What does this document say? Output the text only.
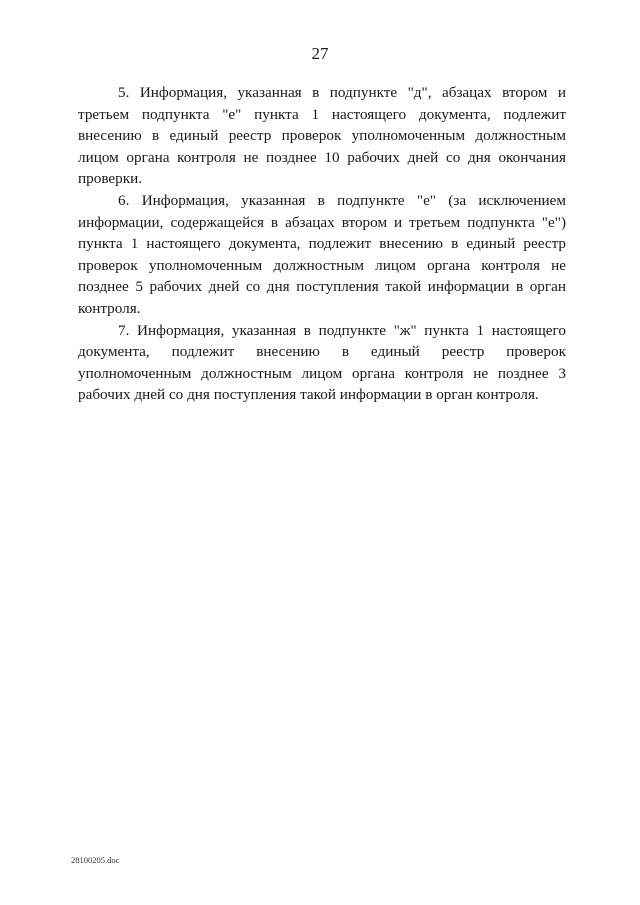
27

5. Информация, указанная в подпункте "д", абзацах втором и третьем подпункта "е" пункта 1 настоящего документа, подлежит внесению в единый реестр проверок уполномоченным должностным лицом органа контроля не позднее 10 рабочих дней со дня окончания проверки.

6. Информация, указанная в подпункте "е" (за исключением информации, содержащейся в абзацах втором и третьем подпункта "е") пункта 1 настоящего документа, подлежит внесению в единый реестр проверок уполномоченным должностным лицом органа контроля не позднее 5 рабочих дней со дня поступления такой информации в орган контроля.

7. Информация, указанная в подпункте "ж" пункта 1 настоящего документа, подлежит внесению в единый реестр проверок уполномоченным должностным лицом органа контроля не позднее 3 рабочих дней со дня поступления такой информации в орган контроля.

28100205.doc
